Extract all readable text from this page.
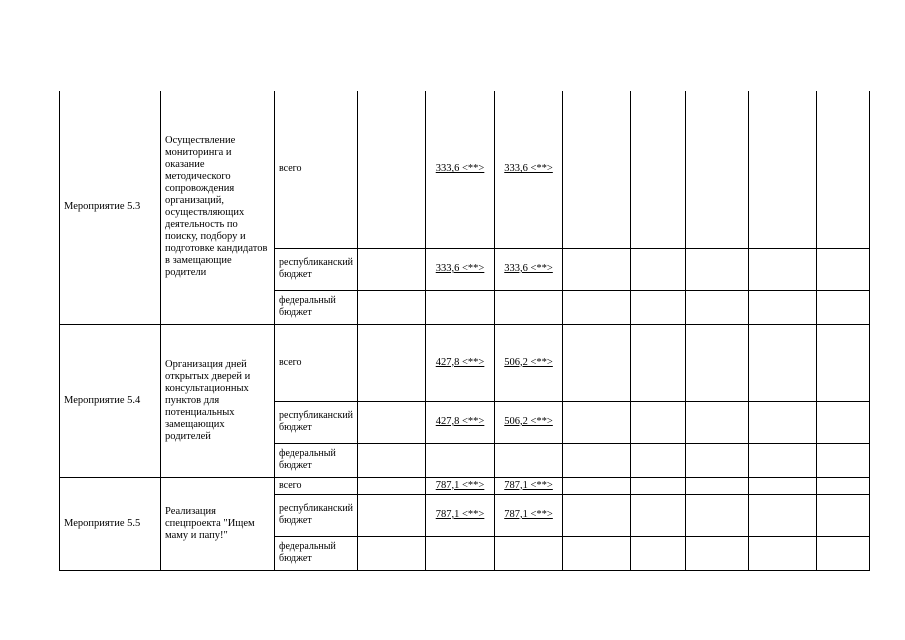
Мероприятие 5.3	Осуществление мониторинга и оказание методического сопровождения организаций, осуществляющих деятельность по поиску, подбору и подготовке кандидатов в замещающие родители	всего		333,6 <**>	333,6 <**>					
		республиканский бюджет		333,6 <**>	333,6 <**>					
		федеральный бюджет								
Мероприятие 5.4	Организация дней открытых дверей и консультационных пунктов для потенциальных замещающих родителей	всего		427,8 <**>	506,2 <**>					
		республиканский бюджет		427,8 <**>	506,2 <**>					
		федеральный бюджет								
Мероприятие 5.5	Реализация спецпроекта "Ищем маму и папу!"	всего		787,1 <**>	787,1 <**>					
		республиканский бюджет		787,1 <**>	787,1 <**>					
		федеральный бюджет								
